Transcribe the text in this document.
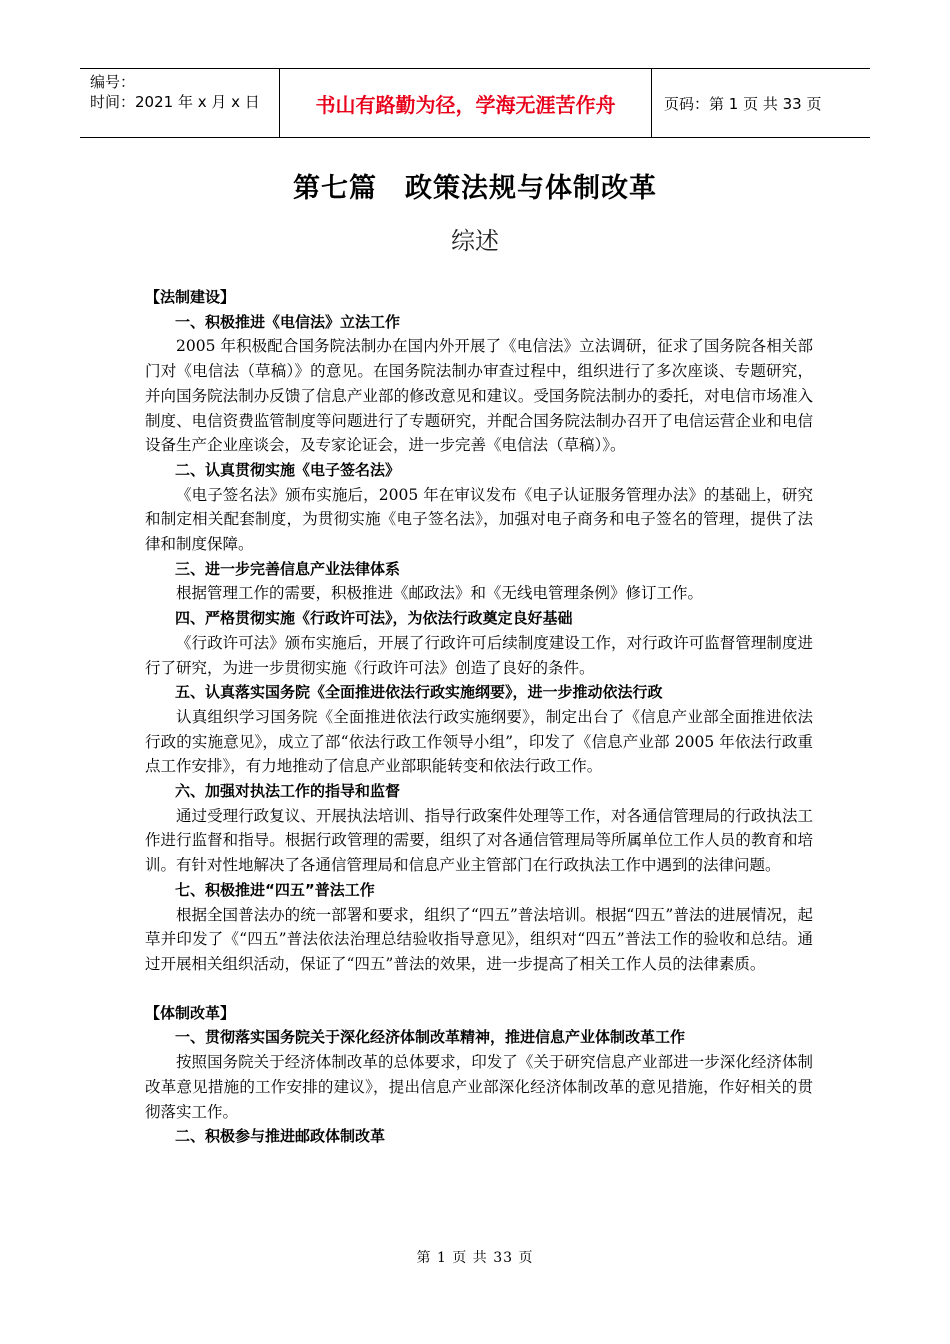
编号：
时间：2021 年 x 月 x 日	书山有路勤为径，学海无涯苦作舟	页码：第 1 页 共 33 页
第七篇　政策法规与体制改革
综述
【法制建设】
一、积极推进《电信法》立法工作

2005 年积极配合国务院法制办在国内外开展了《电信法》立法调研，征求了国务院各相关部门对《电信法（草稿）》的意见。在国务院法制办审查过程中，组织进行了多次座谈、专题研究，并向国务院法制办反馈了信息产业部的修改意见和建议。受国务院法制办的委托，对电信市场准入制度、电信资费监管制度等问题进行了专题研究，并配合国务院法制办召开了电信运营企业和电信设备生产企业座谈会，及专家论证会，进一步完善《电信法（草稿）》。

二、认真贯彻实施《电子签名法》

《电子签名法》颁布实施后，2005 年在审议发布《电子认证服务管理办法》的基础上，研究和制定相关配套制度，为贯彻实施《电子签名法》，加强对电子商务和电子签名的管理，提供了法律和制度保障。

三、进一步完善信息产业法律体系

根据管理工作的需要，积极推进《邮政法》和《无线电管理条例》修订工作。

四、严格贯彻实施《行政许可法》，为依法行政奠定良好基础

《行政许可法》颁布实施后，开展了行政许可后续制度建设工作，对行政许可监督管理制度进行了研究，为进一步贯彻实施《行政许可法》创造了良好的条件。

五、认真落实国务院《全面推进依法行政实施纲要》，进一步推动依法行政

认真组织学习国务院《全面推进依法行政实施纲要》，制定出台了《信息产业部全面推进依法行政的实施意见》，成立了部“依法行政工作领导小组”，印发了《信息产业部 2005 年依法行政重点工作安排》，有力地推动了信息产业部职能转变和依法行政工作。

六、加强对执法工作的指导和监督

通过受理行政复议、开展执法培训、指导行政案件处理等工作，对各通信管理局的行政执法工作进行监督和指导。根据行政管理的需要，组织了对各通信管理局等所属单位工作人员的教育和培训。有针对性地解决了各通信管理局和信息产业主管部门在行政执法工作中遇到的法律问题。

七、积极推进“四五”普法工作

根据全国普法办的统一部署和要求，组织了“四五”普法培训。根据“四五”普法的进展情况，起草并印发了《“四五”普法依法治理总结验收指导意见》，组织对“四五”普法工作的验收和总结。通过开展相关组织活动，保证了“四五”普法的效果，进一步提高了相关工作人员的法律素质。

【体制改革】
一、贯彻落实国务院关于深化经济体制改革精神，推进信息产业体制改革工作

按照国务院关于经济体制改革的总体要求，印发了《关于研究信息产业部进一步深化经济体制改革意见措施的工作安排的建议》，提出信息产业部深化经济体制改革的意见措施，作好相关的贯彻落实工作。

二、积极参与推进邮政体制改革
第 1 页 共 33 页
